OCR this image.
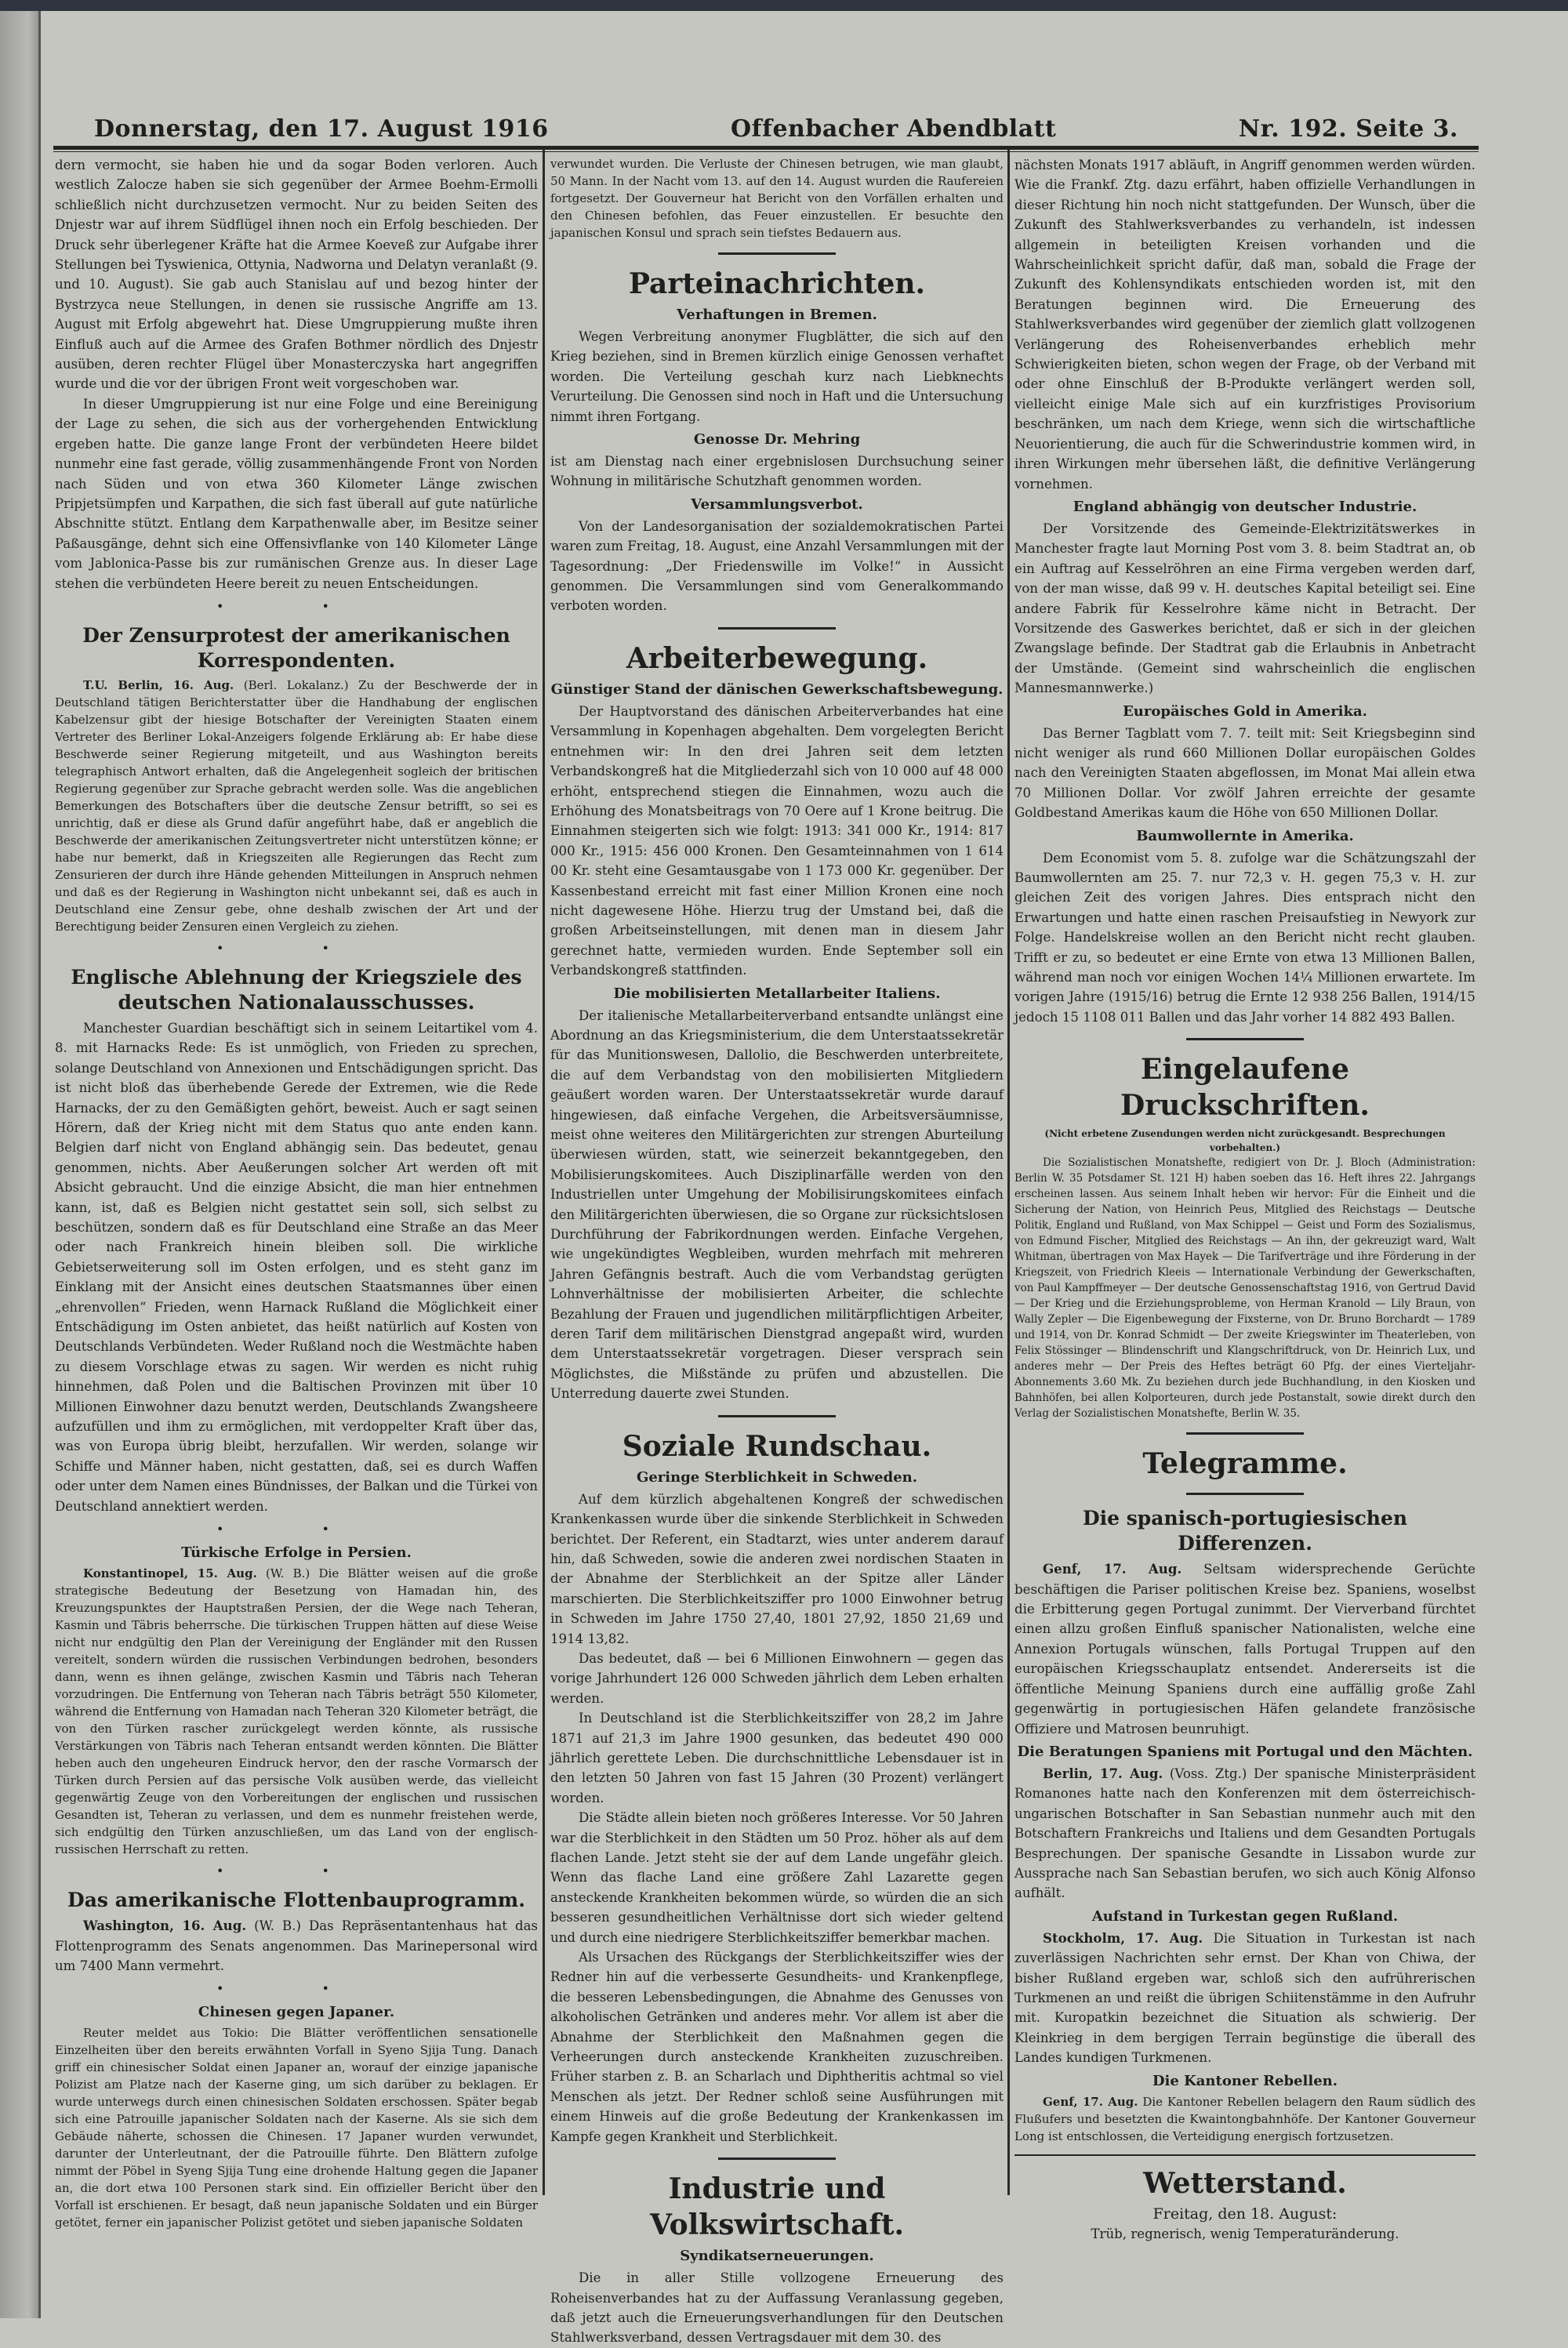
Donnerstag, den 17. August 1916	Offenbacher Abendblatt	Nr. 192. Seite 3.

dern vermocht, sie haben hie und da sogar Boden verloren. Auch westlich Zalocze haben sie sich gegenüber der Armee Boehm-Ermolli schließlich nicht durchzusetzen vermocht. Nur zu beiden Seiten des Dnjestr war auf ihrem Südflügel ihnen noch ein Erfolg beschieden. Der Druck sehr überlegener Kräfte hat die Armee Koeveß zur Aufgabe ihrer Stellungen bei Tyswienica, Ottynia, Nadworna und Delatyn veranlaßt (9. und 10. August). Sie gab auch Stanislau auf und bezog hinter der Bystrzyca neue Stellungen, in denen sie russische Angriffe am 13. August mit Erfolg abgewehrt hat. Diese Umgruppierung mußte ihren Einfluß auch auf die Armee des Grafen Bothmer nördlich des Dnjestr ausüben, deren rechter Flügel über Monasterczyska hart angegriffen wurde und die vor der übrigen Front weit vorgeschoben war.

In dieser Umgruppierung ist nur eine Folge und eine Bereinigung der Lage zu sehen, die sich aus der vorhergehenden Entwicklung ergeben hatte. Die ganze lange Front der verbündeten Heere bildet nunmehr eine fast gerade, völlig zusammenhängende Front von Norden nach Süden und von etwa 360 Kilometer Länge zwischen Pripjetsümpfen und Karpathen, die sich fast überall auf gute natürliche Abschnitte stützt. Entlang dem Karpathenwalle aber, im Besitze seiner Paßausgänge, dehnt sich eine Offensivflanke von 140 Kilometer Länge vom Jablonica-Passe bis zur rumänischen Grenze aus. In dieser Lage stehen die verbündeten Heere bereit zu neuen Entscheidungen.

• •
Der Zensurprotest der amerikanischen Korrespondenten.

T.U. Berlin, 16. Aug. (Berl. Lokalanz.) Zu der Beschwerde der in Deutschland tätigen Berichterstatter über die Handhabung der englischen Kabelzensur gibt der hiesige Botschafter der Vereinigten Staaten einem Vertreter des Berliner Lokal-Anzeigers folgende Erklärung ab: Er habe diese Beschwerde seiner Regierung mitgeteilt, und aus Washington bereits telegraphisch Antwort erhalten, daß die Angelegenheit sogleich der britischen Regierung gegenüber zur Sprache gebracht werden solle. Was die angeblichen Bemerkungen des Botschafters über die deutsche Zensur betrifft, so sei es unrichtig, daß er diese als Grund dafür angeführt habe, daß er angeblich die Beschwerde der amerikanischen Zeitungsvertreter nicht unterstützen könne; er habe nur bemerkt, daß in Kriegszeiten alle Regierungen das Recht zum Zensurieren der durch ihre Hände gehenden Mitteilungen in Anspruch nehmen und daß es der Regierung in Washington nicht unbekannt sei, daß es auch in Deutschland eine Zensur gebe, ohne deshalb zwischen der Art und der Berechtigung beider Zensuren einen Vergleich zu ziehen.

• •
Englische Ablehnung der Kriegsziele des deutschen Nationalausschusses.

Manchester Guardian beschäftigt sich in seinem Leitartikel vom 4. 8. mit Harnacks Rede: Es ist unmöglich, von Frieden zu sprechen, solange Deutschland von Annexionen und Entschädigungen spricht. Das ist nicht bloß das überhebende Gerede der Extremen, wie die Rede Harnacks, der zu den Gemäßigten gehört, beweist. Auch er sagt seinen Hörern, daß der Krieg nicht mit dem Status quo ante enden kann. Belgien darf nicht von England abhängig sein. Das bedeutet, genau genommen, nichts. Aber Aeußerungen solcher Art werden oft mit Absicht gebraucht. Und die einzige Absicht, die man hier entnehmen kann, ist, daß es Belgien nicht gestattet sein soll, sich selbst zu beschützen, sondern daß es für Deutschland eine Straße an das Meer oder nach Frankreich hinein bleiben soll. Die wirkliche Gebietserweiterung soll im Osten erfolgen, und es steht ganz im Einklang mit der Ansicht eines deutschen Staatsmannes über einen „ehrenvollen“ Frieden, wenn Harnack Rußland die Möglichkeit einer Entschädigung im Osten anbietet, das heißt natürlich auf Kosten von Deutschlands Verbündeten. Weder Rußland noch die Westmächte haben zu diesem Vorschlage etwas zu sagen. Wir werden es nicht ruhig hinnehmen, daß Polen und die Baltischen Provinzen mit über 10 Millionen Einwohner dazu benutzt werden, Deutschlands Zwangsheere aufzufüllen und ihm zu ermöglichen, mit verdoppelter Kraft über das, was von Europa übrig bleibt, herzufallen. Wir werden, solange wir Schiffe und Männer haben, nicht gestatten, daß, sei es durch Waffen oder unter dem Namen eines Bündnisses, der Balkan und die Türkei von Deutschland annektiert werden.

• •
Türkische Erfolge in Persien.

Konstantinopel, 15. Aug. (W. B.) Die Blätter weisen auf die große strategische Bedeutung der Besetzung von Hamadan hin, des Kreuzungspunktes der Hauptstraßen Persien, der die Wege nach Teheran, Kasmin und Täbris beherrsche. Die türkischen Truppen hätten auf diese Weise nicht nur endgültig den Plan der Vereinigung der Engländer mit den Russen vereitelt, sondern würden die russischen Verbindungen bedrohen, besonders dann, wenn es ihnen gelänge, zwischen Kasmin und Täbris nach Teheran vorzudringen. Die Entfernung von Teheran nach Täbris beträgt 550 Kilometer, während die Entfernung von Hamadan nach Teheran 320 Kilometer beträgt, die von den Türken rascher zurückgelegt werden könnte, als russische Verstärkungen von Täbris nach Teheran entsandt werden könnten. Die Blätter heben auch den ungeheuren Eindruck hervor, den der rasche Vormarsch der Türken durch Persien auf das persische Volk ausüben werde, das vielleicht gegenwärtig Zeuge von den Vorbereitungen der englischen und russischen Gesandten ist, Teheran zu verlassen, und dem es nunmehr freistehen werde, sich endgültig den Türken anzuschließen, um das Land von der englisch-russischen Herrschaft zu retten.

• •
Das amerikanische Flottenbauprogramm.

Washington, 16. Aug. (W. B.) Das Repräsentantenhaus hat das Flottenprogramm des Senats angenommen. Das Marinepersonal wird um 7400 Mann vermehrt.

• •
Chinesen gegen Japaner.

Reuter meldet aus Tokio: Die Blätter veröffentlichen sensationelle Einzelheiten über den bereits erwähnten Vorfall in Syeno Sjija Tung. Danach griff ein chinesischer Soldat einen Japaner an, worauf der einzige japanische Polizist am Platze nach der Kaserne ging, um sich darüber zu beklagen. Er wurde unterwegs durch einen chinesischen Soldaten erschossen. Später begab sich eine Patrouille japanischer Soldaten nach der Kaserne. Als sie sich dem Gebäude näherte, schossen die Chinesen. 17 Japaner wurden verwundet, darunter der Unterleutnant, der die Patrouille führte. Den Blättern zufolge nimmt der Pöbel in Syeng Sjija Tung eine drohende Haltung gegen die Japaner an, die dort etwa 100 Personen stark sind. Ein offizieller Bericht über den Vorfall ist erschienen. Er besagt, daß neun japanische Soldaten und ein Bürger getötet, ferner ein japanischer Polizist getötet und sieben japanische Soldaten

verwundet wurden. Die Verluste der Chinesen betrugen, wie man glaubt, 50 Mann. In der Nacht vom 13. auf den 14. August wurden die Raufereien fortgesetzt. Der Gouverneur hat Bericht von den Vorfällen erhalten und den Chinesen befohlen, das Feuer einzustellen. Er besuchte den japanischen Konsul und sprach sein tiefstes Bedauern aus.

Parteinachrichten.
Verhaftungen in Bremen.

Wegen Verbreitung anonymer Flugblätter, die sich auf den Krieg beziehen, sind in Bremen kürzlich einige Genossen verhaftet worden. Die Verteilung geschah kurz nach Liebknechts Verurteilung. Die Genossen sind noch in Haft und die Untersuchung nimmt ihren Fortgang.

Genosse Dr. Mehring

ist am Dienstag nach einer ergebnislosen Durchsuchung seiner Wohnung in militärische Schutzhaft genommen worden.

Versammlungsverbot.

Von der Landesorganisation der sozialdemokratischen Partei waren zum Freitag, 18. August, eine Anzahl Versammlungen mit der Tagesordnung: „Der Friedenswille im Volke!“ in Aussicht genommen. Die Versammlungen sind vom Generalkommando verboten worden.

Arbeiterbewegung.
Günstiger Stand der dänischen Gewerkschaftsbewegung.

Der Hauptvorstand des dänischen Arbeiterverbandes hat eine Versammlung in Kopenhagen abgehalten. Dem vorgelegten Bericht entnehmen wir: In den drei Jahren seit dem letzten Verbandskongreß hat die Mitgliederzahl sich von 10 000 auf 48 000 erhöht, entsprechend stiegen die Einnahmen, wozu auch die Erhöhung des Monatsbeitrags von 70 Oere auf 1 Krone beitrug. Die Einnahmen steigerten sich wie folgt: 1913: 341 000 Kr., 1914: 817 000 Kr., 1915: 456 000 Kronen. Den Gesamteinnahmen von 1 614 00 Kr. steht eine Gesamtausgabe von 1 173 000 Kr. gegenüber. Der Kassenbestand erreicht mit fast einer Million Kronen eine noch nicht dagewesene Höhe. Hierzu trug der Umstand bei, daß die großen Arbeitseinstellungen, mit denen man in diesem Jahr gerechnet hatte, vermieden wurden. Ende September soll ein Verbandskongreß stattfinden.

Die mobilisierten Metallarbeiter Italiens.

Der italienische Metallarbeiterverband entsandte unlängst eine Abordnung an das Kriegsministerium, die dem Unterstaatssekretär für das Munitionswesen, Dallolio, die Beschwerden unterbreitete, die auf dem Verbandstag von den mobilisierten Mitgliedern geäußert worden waren. Der Unterstaatssekretär wurde darauf hingewiesen, daß einfache Vergehen, die Arbeitsversäumnisse, meist ohne weiteres den Militärgerichten zur strengen Aburteilung überwiesen würden, statt, wie seinerzeit bekanntgegeben, den Mobilisierungskomitees. Auch Disziplinarfälle werden von den Industriellen unter Umgehung der Mobilisirungskomitees einfach den Militärgerichten überwiesen, die so Organe zur rücksichtslosen Durchführung der Fabrikordnungen werden. Einfache Vergehen, wie ungekündigtes Wegbleiben, wurden mehrfach mit mehreren Jahren Gefängnis bestraft. Auch die vom Verbandstag gerügten Lohnverhältnisse der mobilisierten Arbeiter, die schlechte Bezahlung der Frauen und jugendlichen militärpflichtigen Arbeiter, deren Tarif dem militärischen Dienstgrad angepaßt wird, wurden dem Unterstaatssekretär vorgetragen. Dieser versprach sein Möglichstes, die Mißstände zu prüfen und abzustellen. Die Unterredung dauerte zwei Stunden.

Soziale Rundschau.
Geringe Sterblichkeit in Schweden.

Auf dem kürzlich abgehaltenen Kongreß der schwedischen Krankenkassen wurde über die sinkende Sterblichkeit in Schweden berichtet. Der Referent, ein Stadtarzt, wies unter anderem darauf hin, daß Schweden, sowie die anderen zwei nordischen Staaten in der Abnahme der Sterblichkeit an der Spitze aller Länder marschierten. Die Sterblichkeitsziffer pro 1000 Einwohner betrug in Schweden im Jahre 1750 27,40, 1801 27,92, 1850 21,69 und 1914 13,82.

Das bedeutet, daß — bei 6 Millionen Einwohnern — gegen das vorige Jahrhundert 126 000 Schweden jährlich dem Leben erhalten werden.

In Deutschland ist die Sterblichkeitsziffer von 28,2 im Jahre 1871 auf 21,3 im Jahre 1900 gesunken, das bedeutet 490 000 jährlich gerettete Leben. Die durchschnittliche Lebensdauer ist in den letzten 50 Jahren von fast 15 Jahren (30 Prozent) verlängert worden.

Die Städte allein bieten noch größeres Interesse. Vor 50 Jahren war die Sterblichkeit in den Städten um 50 Proz. höher als auf dem flachen Lande. Jetzt steht sie der auf dem Lande ungefähr gleich. Wenn das flache Land eine größere Zahl Lazarette gegen ansteckende Krankheiten bekommen würde, so würden die an sich besseren gesundheitlichen Verhältnisse dort sich wieder geltend und durch eine niedrigere Sterblichkeitsziffer bemerkbar machen.

Als Ursachen des Rückgangs der Sterblichkeitsziffer wies der Redner hin auf die verbesserte Gesundheits- und Krankenpflege, die besseren Lebensbedingungen, die Abnahme des Genusses von alkoholischen Getränken und anderes mehr. Vor allem ist aber die Abnahme der Sterblichkeit den Maßnahmen gegen die Verheerungen durch ansteckende Krankheiten zuzuschreiben. Früher starben z. B. an Scharlach und Diphtheritis achtmal so viel Menschen als jetzt. Der Redner schloß seine Ausführungen mit einem Hinweis auf die große Bedeutung der Krankenkassen im Kampfe gegen Krankheit und Sterblichkeit.

Industrie und Volkswirtschaft.
Syndikatserneuerungen.

Die in aller Stille vollzogene Erneuerung des Roheisenverbandes hat zu der Auffassung Veranlassung gegeben, daß jetzt auch die Erneuerungsverhandlungen für den Deutschen Stahlwerksverband, dessen Vertragsdauer mit dem 30. des

nächsten Monats 1917 abläuft, in Angriff genommen werden würden. Wie die Frankf. Ztg. dazu erfährt, haben offizielle Verhandlungen in dieser Richtung hin noch nicht stattgefunden. Der Wunsch, über die Zukunft des Stahlwerksverbandes zu verhandeln, ist indessen allgemein in beteiligten Kreisen vorhanden und die Wahrscheinlichkeit spricht dafür, daß man, sobald die Frage der Zukunft des Kohlensyndikats entschieden worden ist, mit den Beratungen beginnen wird. Die Erneuerung des Stahlwerksverbandes wird gegenüber der ziemlich glatt vollzogenen Verlängerung des Roheisenverbandes erheblich mehr Schwierigkeiten bieten, schon wegen der Frage, ob der Verband mit oder ohne Einschluß der B-Produkte verlängert werden soll, vielleicht einige Male sich auf ein kurzfristiges Provisorium beschränken, um nach dem Kriege, wenn sich die wirtschaftliche Neuorientierung, die auch für die Schwerindustrie kommen wird, in ihren Wirkungen mehr übersehen läßt, die definitive Verlängerung vornehmen.

England abhängig von deutscher Industrie.

Der Vorsitzende des Gemeinde-Elektrizitätswerkes in Manchester fragte laut Morning Post vom 3. 8. beim Stadtrat an, ob ein Auftrag auf Kesselröhren an eine Firma vergeben werden darf, von der man wisse, daß 99 v. H. deutsches Kapital beteiligt sei. Eine andere Fabrik für Kesselrohre käme nicht in Betracht. Der Vorsitzende des Gaswerkes berichtet, daß er sich in der gleichen Zwangslage befinde. Der Stadtrat gab die Erlaubnis in Anbetracht der Umstände. (Gemeint sind wahrscheinlich die englischen Mannesmannwerke.)

Europäisches Gold in Amerika.

Das Berner Tagblatt vom 7. 7. teilt mit: Seit Kriegsbeginn sind nicht weniger als rund 660 Millionen Dollar europäischen Goldes nach den Vereinigten Staaten abgeflossen, im Monat Mai allein etwa 70 Millionen Dollar. Vor zwölf Jahren erreichte der gesamte Goldbestand Amerikas kaum die Höhe von 650 Millionen Dollar.

Baumwollernte in Amerika.

Dem Economist vom 5. 8. zufolge war die Schätzungszahl der Baumwollernten am 25. 7. nur 72,3 v. H. gegen 75,3 v. H. zur gleichen Zeit des vorigen Jahres. Dies entsprach nicht den Erwartungen und hatte einen raschen Preisaufstieg in Newyork zur Folge. Handelskreise wollen an den Bericht nicht recht glauben. Trifft er zu, so bedeutet er eine Ernte von etwa 13 Millionen Ballen, während man noch vor einigen Wochen 14¼ Millionen erwartete. Im vorigen Jahre (1915/16) betrug die Ernte 12 938 256 Ballen, 1914/15 jedoch 15 1108 011 Ballen und das Jahr vorher 14 882 493 Ballen.

Eingelaufene Druckschriften.
(Nicht erbetene Zusendungen werden nicht zurückgesandt. Besprechungen vorbehalten.)

Die Sozialistischen Monatshefte, redigiert von Dr. J. Bloch (Administration: Berlin W. 35 Potsdamer St. 121 H) haben soeben das 16. Heft ihres 22. Jahrgangs erscheinen lassen. Aus seinem Inhalt heben wir hervor: Für die Einheit und die Sicherung der Nation, von Heinrich Peus, Mitglied des Reichstags — Deutsche Politik, England und Rußland, von Max Schippel — Geist und Form des Sozialismus, von Edmund Fischer, Mitglied des Reichstags — An ihn, der gekreuzigt ward, Walt Whitman, übertragen von Max Hayek — Die Tarifverträge und ihre Förderung in der Kriegszeit, von Friedrich Kleeis — Internationale Verbindung der Gewerkschaften, von Paul Kampffmeyer — Der deutsche Genossenschaftstag 1916, von Gertrud David — Der Krieg und die Erziehungsprobleme, von Herman Kranold — Lily Braun, von Wally Zepler — Die Eigenbewegung der Fixsterne, von Dr. Bruno Borchardt — 1789 und 1914, von Dr. Konrad Schmidt — Der zweite Kriegswinter im Theaterleben, von Felix Stössinger — Blindenschrift und Klangschriftdruck, von Dr. Heinrich Lux, und anderes mehr — Der Preis des Heftes beträgt 60 Pfg. der eines Vierteljahr-Abonnements 3.60 Mk. Zu beziehen durch jede Buchhandlung, in den Kiosken und Bahnhöfen, bei allen Kolporteuren, durch jede Postanstalt, sowie direkt durch den Verlag der Sozialistischen Monatshefte, Berlin W. 35.

Telegramme.
Die spanisch-portugiesischen Differenzen.

Genf, 17. Aug. Seltsam widersprechende Gerüchte beschäftigen die Pariser politischen Kreise bez. Spaniens, woselbst die Erbitterung gegen Portugal zunimmt. Der Vierverband fürchtet einen allzu großen Einfluß spanischer Nationalisten, welche eine Annexion Portugals wünschen, falls Portugal Truppen auf den europäischen Kriegsschauplatz entsendet. Andererseits ist die öffentliche Meinung Spaniens durch eine auffällig große Zahl gegenwärtig in portugiesischen Häfen gelandete französische Offiziere und Matrosen beunruhigt.

Die Beratungen Spaniens mit Portugal und den Mächten.

Berlin, 17. Aug. (Voss. Ztg.) Der spanische Ministerpräsident Romanones hatte nach den Konferenzen mit dem österreichisch-ungarischen Botschafter in San Sebastian nunmehr auch mit den Botschaftern Frankreichs und Italiens und dem Gesandten Portugals Besprechungen. Der spanische Gesandte in Lissabon wurde zur Aussprache nach San Sebastian berufen, wo sich auch König Alfonso aufhält.

Aufstand in Turkestan gegen Rußland.

Stockholm, 17. Aug. Die Situation in Turkestan ist nach zuverlässigen Nachrichten sehr ernst. Der Khan von Chiwa, der bisher Rußland ergeben war, schloß sich den aufrührerischen Turkmenen an und reißt die übrigen Schiitenstämme in den Aufruhr mit. Kuropatkin bezeichnet die Situation als schwierig. Der Kleinkrieg in dem bergigen Terrain begünstige die überall des Landes kundigen Turkmenen.

Die Kantoner Rebellen.

Genf, 17. Aug. Die Kantoner Rebellen belagern den Raum südlich des Flußufers und besetzten die Kwaintongbahnhöfe. Der Kantoner Gouverneur Long ist entschlossen, die Verteidigung energisch fortzusetzen.

Wetterstand.
Freitag, den 18. August:
Trüb, regnerisch, wenig Temperaturänderung.
